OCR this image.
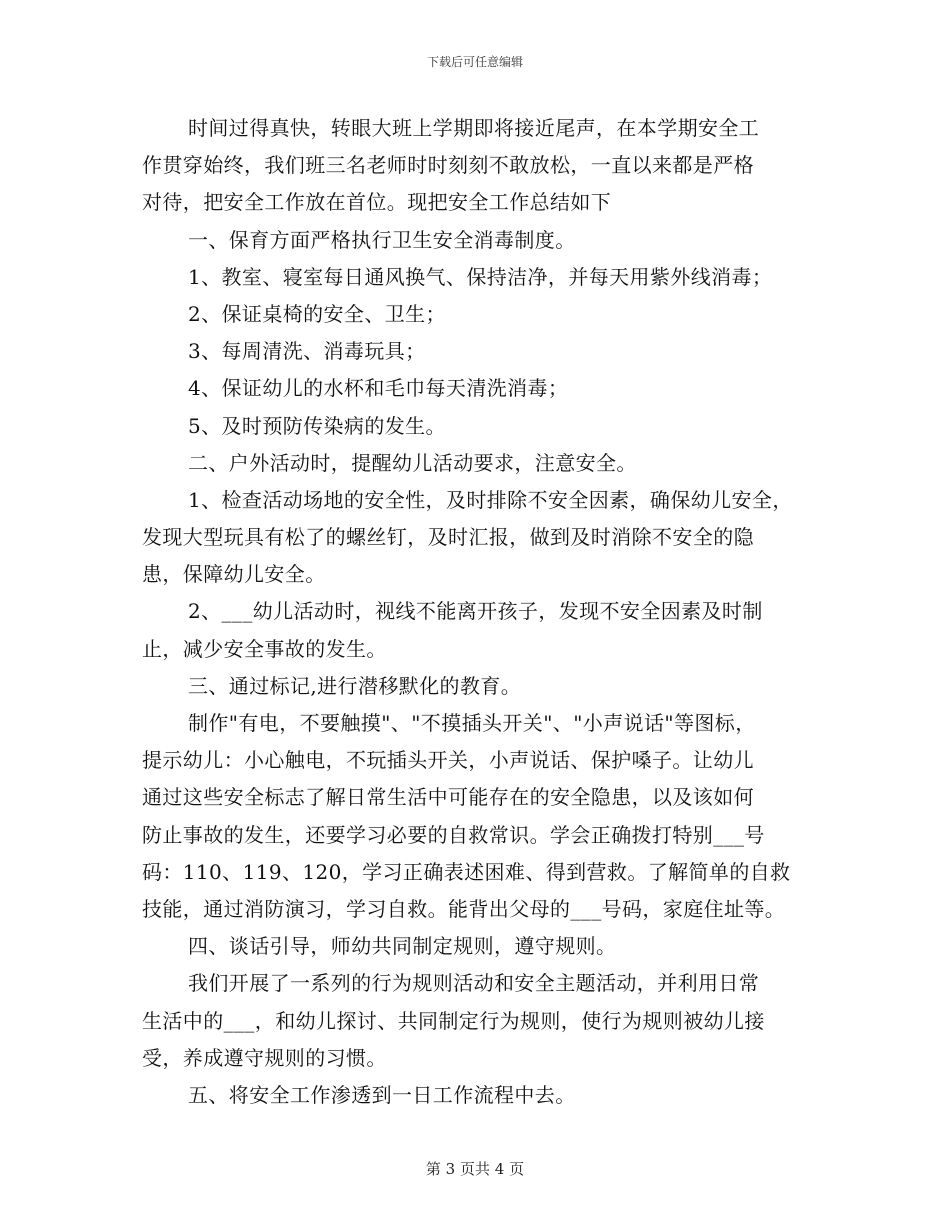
下载后可任意编辑
时间过得真快，转眼大班上学期即将接近尾声，在本学期安全工
作贯穿始终，我们班三名老师时时刻刻不敢放松，一直以来都是严格
对待，把安全工作放在首位。现把安全工作总结如下
一、保育方面严格执行卫生安全消毒制度。
1、教室、寝室每日通风换气、保持洁净，并每天用紫外线消毒；
2、保证桌椅的安全、卫生；
3、每周清洗、消毒玩具；
4、保证幼儿的水杯和毛巾每天清洗消毒；
5、及时预防传染病的发生。
二、户外活动时，提醒幼儿活动要求，注意安全。
1、检查活动场地的安全性，及时排除不安全因素，确保幼儿安全，
发现大型玩具有松了的螺丝钉，及时汇报，做到及时消除不安全的隐
患，保障幼儿安全。
2、___幼儿活动时，视线不能离开孩子，发现不安全因素及时制
止，减少安全事故的发生。
三、通过标记,进行潜移默化的教育。
制作"有电，不要触摸"、"不摸插头开关"、"小声说话"等图标，
提示幼儿：小心触电，不玩插头开关，小声说话、保护嗓子。让幼儿
通过这些安全标志了解日常生活中可能存在的安全隐患，以及该如何
防止事故的发生，还要学习必要的自救常识。学会正确拨打特别___号
码：110、119、120，学习正确表述困难、得到营救。了解简单的自救
技能，通过消防演习，学习自救。能背出父母的___号码，家庭住址等。
四、谈话引导，师幼共同制定规则，遵守规则。
我们开展了一系列的行为规则活动和安全主题活动，并利用日常
生活中的___，和幼儿探讨、共同制定行为规则，使行为规则被幼儿接
受，养成遵守规则的习惯。
五、将安全工作渗透到一日工作流程中去。
第 3 页共 4 页
